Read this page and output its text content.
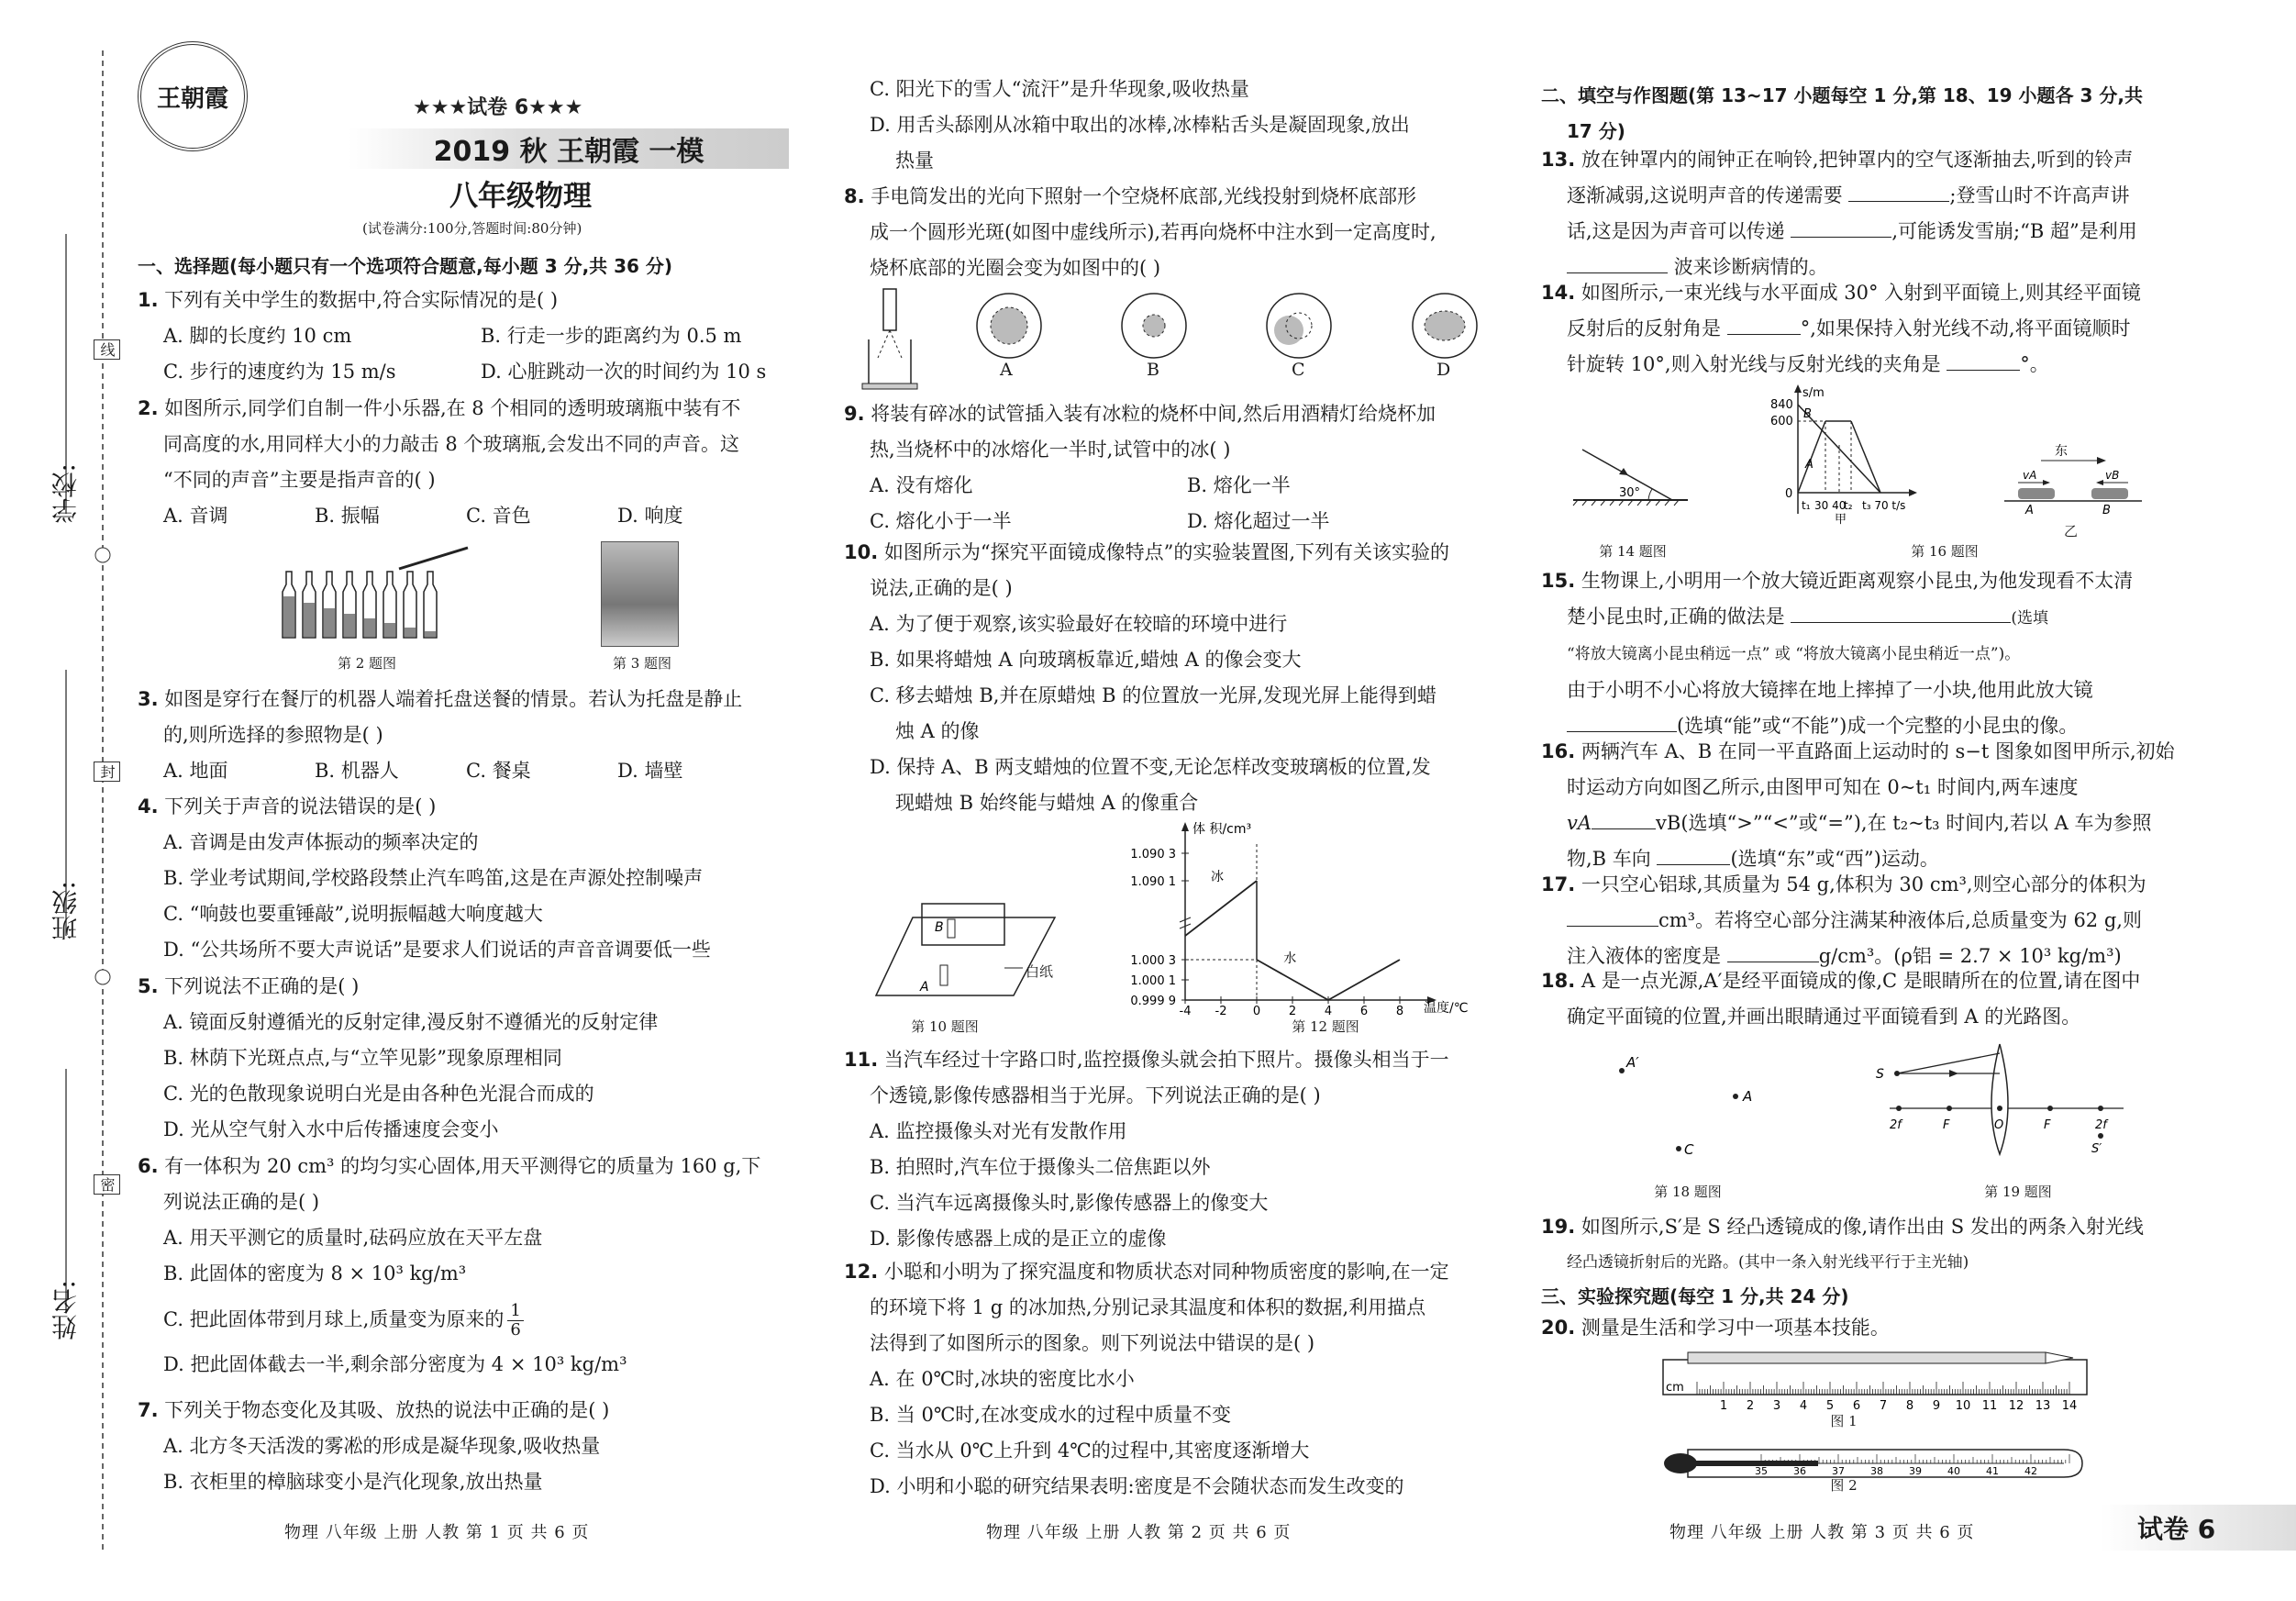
学校:
班级:
姓名:
线
封
密
王朝霞	★★★试卷 6★★★
2019 秋 王朝霞 一模
八年级物理
(试卷满分:100分,答题时间:80分钟)
一、选择题(每小题只有一个选项符合题意,每小题 3 分,共 36 分)
1. 下列有关中学生的数据中,符合实际情况的是( )
A. 脚的长度约 10 cm	B. 行走一步的距离约为 0.5 m
C. 步行的速度约为 15 m/s	D. 心脏跳动一次的时间约为 10 s
2. 如图所示,同学们自制一件小乐器,在 8 个相同的透明玻璃瓶中装有不
同高度的水,用同样大小的力敲击 8 个玻璃瓶,会发出不同的声音。这
“不同的声音”主要是指声音的( )
A. 音调	B. 振幅	C. 音色	D. 响度
第 2 题图	第 3 题图
3. 如图是穿行在餐厅的机器人端着托盘送餐的情景。若认为托盘是静止
的,则所选择的参照物是( )
A. 地面	B. 机器人	C. 餐桌	D. 墙壁
4. 下列关于声音的说法错误的是( )
A. 音调是由发声体振动的频率决定的
B. 学业考试期间,学校路段禁止汽车鸣笛,这是在声源处控制噪声
C. “响鼓也要重锤敲”,说明振幅越大响度越大
D. “公共场所不要大声说话”是要求人们说话的声音音调要低一些
5. 下列说法不正确的是( )
A. 镜面反射遵循光的反射定律,漫反射不遵循光的反射定律
B. 林荫下光斑点点,与“立竿见影”现象原理相同
C. 光的色散现象说明白光是由各种色光混合而成的
D. 光从空气射入水中后传播速度会变小
6. 有一体积为 20 cm³ 的均匀实心固体,用天平测得它的质量为 160 g,下
列说法正确的是( )
A. 用天平测它的质量时,砝码应放在天平左盘
B. 此固体的密度为 8 × 10³ kg/m³
C. 把此固体带到月球上,质量变为原来的 $\frac{1}{6}$
D. 把此固体截去一半,剩余部分密度为 4 × 10³ kg/m³
7. 下列关于物态变化及其吸、放热的说法中正确的是( )
A. 北方冬天活泼的雾凇的形成是凝华现象,吸收热量
B. 衣柜里的樟脑球变小是汽化现象,放出热量
物理 八年级 上册 人教 第 1 页 共 6 页
C. 阳光下的雪人“流汗”是升华现象,吸收热量
D. 用舌头舔刚从冰箱中取出的冰棒,冰棒粘舌头是凝固现象,放出
热量
8. 手电筒发出的光向下照射一个空烧杯底部,光线投射到烧杯底部形
成一个圆形光斑(如图中虚线所示),若再向烧杯中注水到一定高度时,
烧杯底部的光圈会变为如图中的( )
A	B	C	D
9. 将装有碎冰的试管插入装有冰粒的烧杯中间,然后用酒精灯给烧杯加
热,当烧杯中的冰熔化一半时,试管中的冰( )
A. 没有熔化	B. 熔化一半
C. 熔化小于一半	D. 熔化超过一半
10. 如图所示为“探究平面镜成像特点”的实验装置图,下列有关该实验的
说法,正确的是( )
A. 为了便于观察,该实验最好在较暗的环境中进行
B. 如果将蜡烛 A 向玻璃板靠近,蜡烛 A 的像会变大
C. 移去蜡烛 B,并在原蜡烛 B 的位置放一光屏,发现光屏上能得到蜡
烛 A 的像
D. 保持 A、B 两支蜡烛的位置不变,无论怎样改变玻璃板的位置,发
现蜡烛 B 始终能与蜡烛 A 的像重合
B
A
白纸
第 10 题图
体 积/cm³
温度/℃
0.999 9
1.000 1
1.000 3
1.090 1
1.090 3
-4 -2 0 2 4 6 8
冰
水
第 12 题图
11. 当汽车经过十字路口时,监控摄像头就会拍下照片。摄像头相当于一
个透镜,影像传感器相当于光屏。下列说法正确的是( )
A. 监控摄像头对光有发散作用
B. 拍照时,汽车位于摄像头二倍焦距以外
C. 当汽车远离摄像头时,影像传感器上的像变大
D. 影像传感器上成的是正立的虚像
12. 小聪和小明为了探究温度和物质状态对同种物质密度的影响,在一定
的环境下将 1 g 的冰加热,分别记录其温度和体积的数据,利用描点
法得到了如图所示的图象。则下列说法中错误的是( )
A. 在 0℃时,冰块的密度比水小
B. 当 0℃时,在冰变成水的过程中质量不变
C. 当水从 0℃上升到 4℃的过程中,其密度逐渐增大
D. 小明和小聪的研究结果表明:密度是不会随状态而发生改变的
物理 八年级 上册 人教 第 2 页 共 6 页
二、填空与作图题(第 13~17 小题每空 1 分,第 18、19 小题各 3 分,共
17 分)
13. 放在钟罩内的闹钟正在响铃,把钟罩内的空气逐渐抽去,听到的铃声
逐渐减弱,这说明声音的传递需要	;登雪山时不许高声讲
话,这是因为声音可以传递	,可能诱发雪崩;“B 超”是利用
波来诊断病情的。
14. 如图所示,一束光线与水平面成 30° 入射到平面镜上,则其经平面镜
反射后的反射角是	°,如果保持入射光线不动,将平面镜顺时
针旋转 10°,则入射光线与反射光线的夹角是	°。
30°
第 14 题图
s/m
840
600
0
B
A
30 40 t₃ 70 t/s
t₂
t₁
甲
东
vA	vB
A	B
乙
第 16 题图
15. 生物课上,小明用一个放大镜近距离观察小昆虫,为他发现看不太清
楚小昆虫时,正确的做法是	(选填
“将放大镜离小昆虫稍远一点” 或 “将放大镜离小昆虫稍近一点”)。
由于小明不小心将放大镜摔在地上摔掉了一小块,他用此放大镜
(选填“能”或“不能”)成一个完整的小昆虫的像。
16. 两辆汽车 A、B 在同一平直路面上运动时的 s−t 图象如图甲所示,初始
时运动方向如图乙所示,由图甲可知在 0~t₁ 时间内,两车速度
vA	vB(选填“>”“<”或“=”),在 t₂~t₃ 时间内,若以 A 车为参照
物,B 车向	(选填“东”或“西”)运动。
17. 一只空心铝球,其质量为 54 g,体积为 30 cm³,则空心部分的体积为
cm³。若将空心部分注满某种液体后,总质量变为 62 g,则
注入液体的密度是	g/cm³。(ρ铝 = 2.7 × 10³ kg/m³)
18. A 是一点光源,A′是经平面镜成的像,C 是眼睛所在的位置,请在图中
确定平面镜的位置,并画出眼睛通过平面镜看到 A 的光路图。
A′
A
C
第 18 题图
S
2f	F	O	F	2f
S′
第 19 题图
19. 如图所示,S′是 S 经凸透镜成的像,请作出由 S 发出的两条入射光线
经凸透镜折射后的光路。(其中一条入射光线平行于主光轴)
三、实验探究题(每空 1 分,共 24 分)
20. 测量是生活和学习中一项基本技能。
1 2 3 4 5 6 7 8 9 10 11 12 13 14
cm
图 1
35	36	37	38	39	40	41	42
图 2
物理 八年级 上册 人教 第 3 页 共 6 页	试卷 6
